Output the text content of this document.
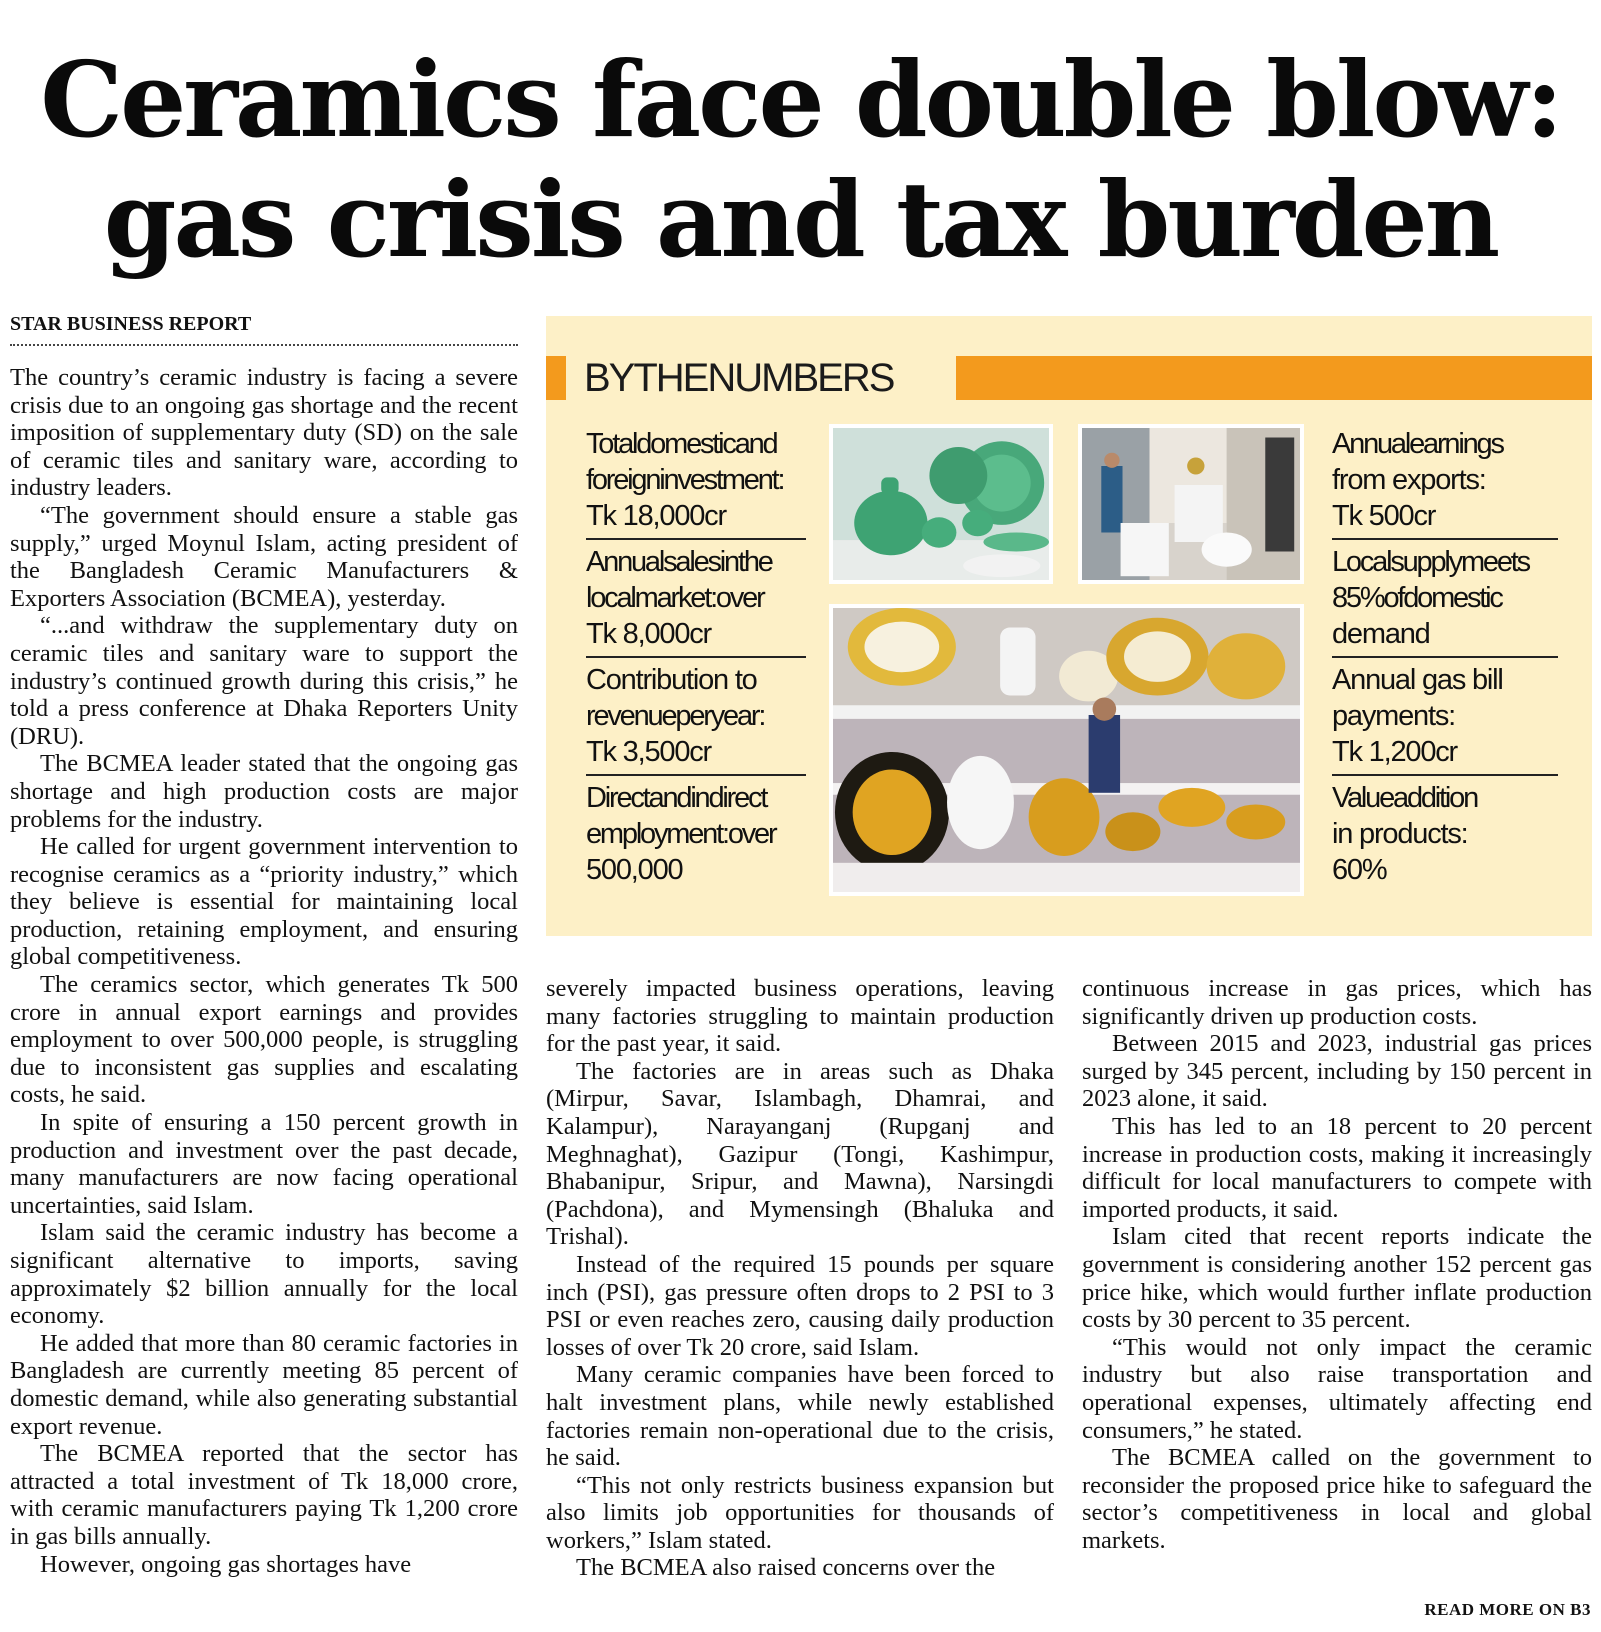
Ceramics face double blow:
gas crisis and tax burden
STAR BUSINESS REPORT

The country’s ceramic industry is facing a severe crisis due to an ongoing gas shortage and the recent imposition of supplementary duty (SD) on the sale of ceramic tiles and sanitary ware, according to industry leaders.

“The government should ensure a stable gas supply,” urged Moynul Islam, acting president of the Bangladesh Ceramic Manufacturers & Exporters Association (BCMEA), yesterday.

“...and withdraw the supplementary duty on ceramic tiles and sanitary ware to support the industry’s continued growth during this crisis,” he told a press conference at Dhaka Reporters Unity (DRU).

The BCMEA leader stated that the ongoing gas shortage and high production costs are major problems for the industry.

He called for urgent government intervention to recognise ceramics as a “priority industry,” which they believe is essential for maintaining local production, retaining employment, and ensuring global competitiveness.

The ceramics sector, which generates Tk 500 crore in annual export earnings and provides employment to over 500,000 people, is struggling due to inconsistent gas supplies and escalating costs, he said.

In spite of ensuring a 150 percent growth in production and investment over the past decade, many manufacturers are now facing operational uncertainties, said Islam.

Islam said the ceramic industry has become a significant alternative to imports, saving approximately $2 billion annually for the local economy.

He added that more than 80 ceramic factories in Bangladesh are currently meeting 85 percent of domestic demand, while also generating substantial export revenue.

The BCMEA reported that the sector has attracted a total investment of Tk 18,000 crore, with ceramic manufacturers paying Tk 1,200 crore in gas bills annually.

However, ongoing gas shortages have

BYTHENUMBERS
Totaldomesticand
foreigninvestment:
Tk 18,000cr
Annualsalesinthe
localmarket:over
Tk 8,000cr
Contribution to
revenueperyear:
Tk 3,500cr
Directandindirect
employment:over
500,000
Annualearnings
from exports:
Tk 500cr
Localsupplymeets
85%ofdomestic
demand
Annual gas bill
payments:
Tk 1,200cr
Valueaddition
in products:
60%

severely impacted business operations, leaving many factories struggling to maintain production for the past year, it said.

The factories are in areas such as Dhaka (Mirpur, Savar, Islambagh, Dhamrai, and Kalampur), Narayanganj (Rupganj and Meghnaghat), Gazipur (Tongi, Kashimpur, Bhabanipur, Sripur, and Mawna), Narsingdi (Pachdona), and Mymensingh (Bhaluka and Trishal).

Instead of the required 15 pounds per square inch (PSI), gas pressure often drops to 2 PSI to 3 PSI or even reaches zero, causing daily production losses of over Tk 20 crore, said Islam.

Many ceramic companies have been forced to halt investment plans, while newly established factories remain non-operational due to the crisis, he said.

“This not only restricts business expansion but also limits job opportunities for thousands of workers,” Islam stated.

The BCMEA also raised concerns over the

continuous increase in gas prices, which has significantly driven up production costs.

Between 2015 and 2023, industrial gas prices surged by 345 percent, including by 150 percent in 2023 alone, it said.

This has led to an 18 percent to 20 percent increase in production costs, making it increasingly difficult for local manufacturers to compete with imported products, it said.

Islam cited that recent reports indicate the government is considering another 152 percent gas price hike, which would further inflate production costs by 30 percent to 35 percent.

“This would not only impact the ceramic industry but also raise transportation and operational expenses, ultimately affecting end consumers,” he stated.

The BCMEA called on the government to reconsider the proposed price hike to safeguard the sector’s competitiveness in local and global markets.

READ MORE ON B3
